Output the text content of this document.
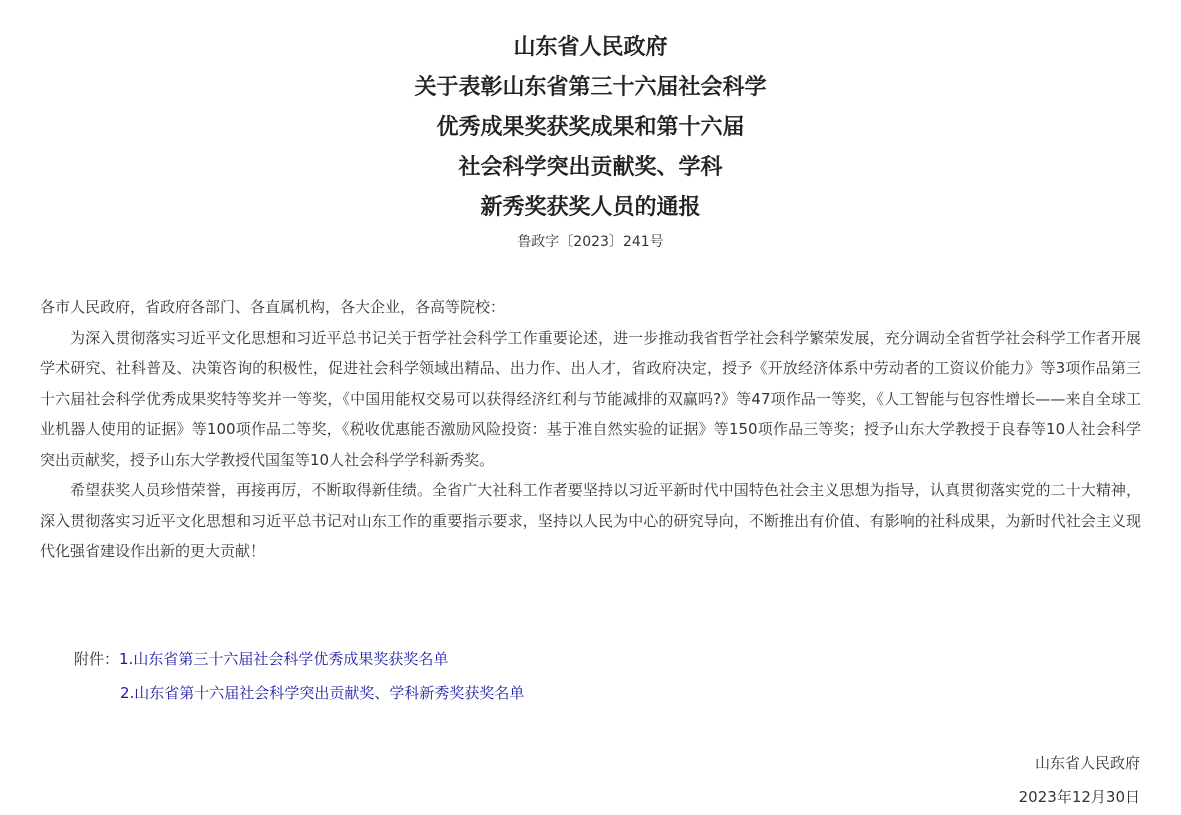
山东省人民政府
关于表彰山东省第三十六届社会科学
优秀成果奖获奖成果和第十六届
社会科学突出贡献奖、学科
新秀奖获奖人员的通报
鲁政字〔2023〕241号
各市人民政府，省政府各部门、各直属机构，各大企业，各高等院校：

为深入贯彻落实习近平文化思想和习近平总书记关于哲学社会科学工作重要论述，进一步推动我省哲学社会科学繁荣发展，充分调动全省哲学社会科学工作者开展学术研究、社科普及、决策咨询的积极性，促进社会科学领域出精品、出力作、出人才，省政府决定，授予《开放经济体系中劳动者的工资议价能力》等3项作品第三十六届社会科学优秀成果奖特等奖并一等奖，《中国用能权交易可以获得经济红利与节能减排的双赢吗?》等47项作品一等奖，《人工智能与包容性增长——来自全球工业机器人使用的证据》等100项作品二等奖，《税收优惠能否激励风险投资：基于准自然实验的证据》等150项作品三等奖；授予山东大学教授于良春等10人社会科学突出贡献奖，授予山东大学教授代国玺等10人社会科学学科新秀奖。

希望获奖人员珍惜荣誉，再接再厉，不断取得新佳绩。全省广大社科工作者要坚持以习近平新时代中国特色社会主义思想为指导，认真贯彻落实党的二十大精神，深入贯彻落实习近平文化思想和习近平总书记对山东工作的重要指示要求，坚持以人民为中心的研究导向，不断推出有价值、有影响的社科成果，为新时代社会主义现代化强省建设作出新的更大贡献！

附件：1.山东省第三十六届社会科学优秀成果奖获奖名单
2.山东省第十六届社会科学突出贡献奖、学科新秀奖获奖名单
山东省人民政府
2023年12月30日
